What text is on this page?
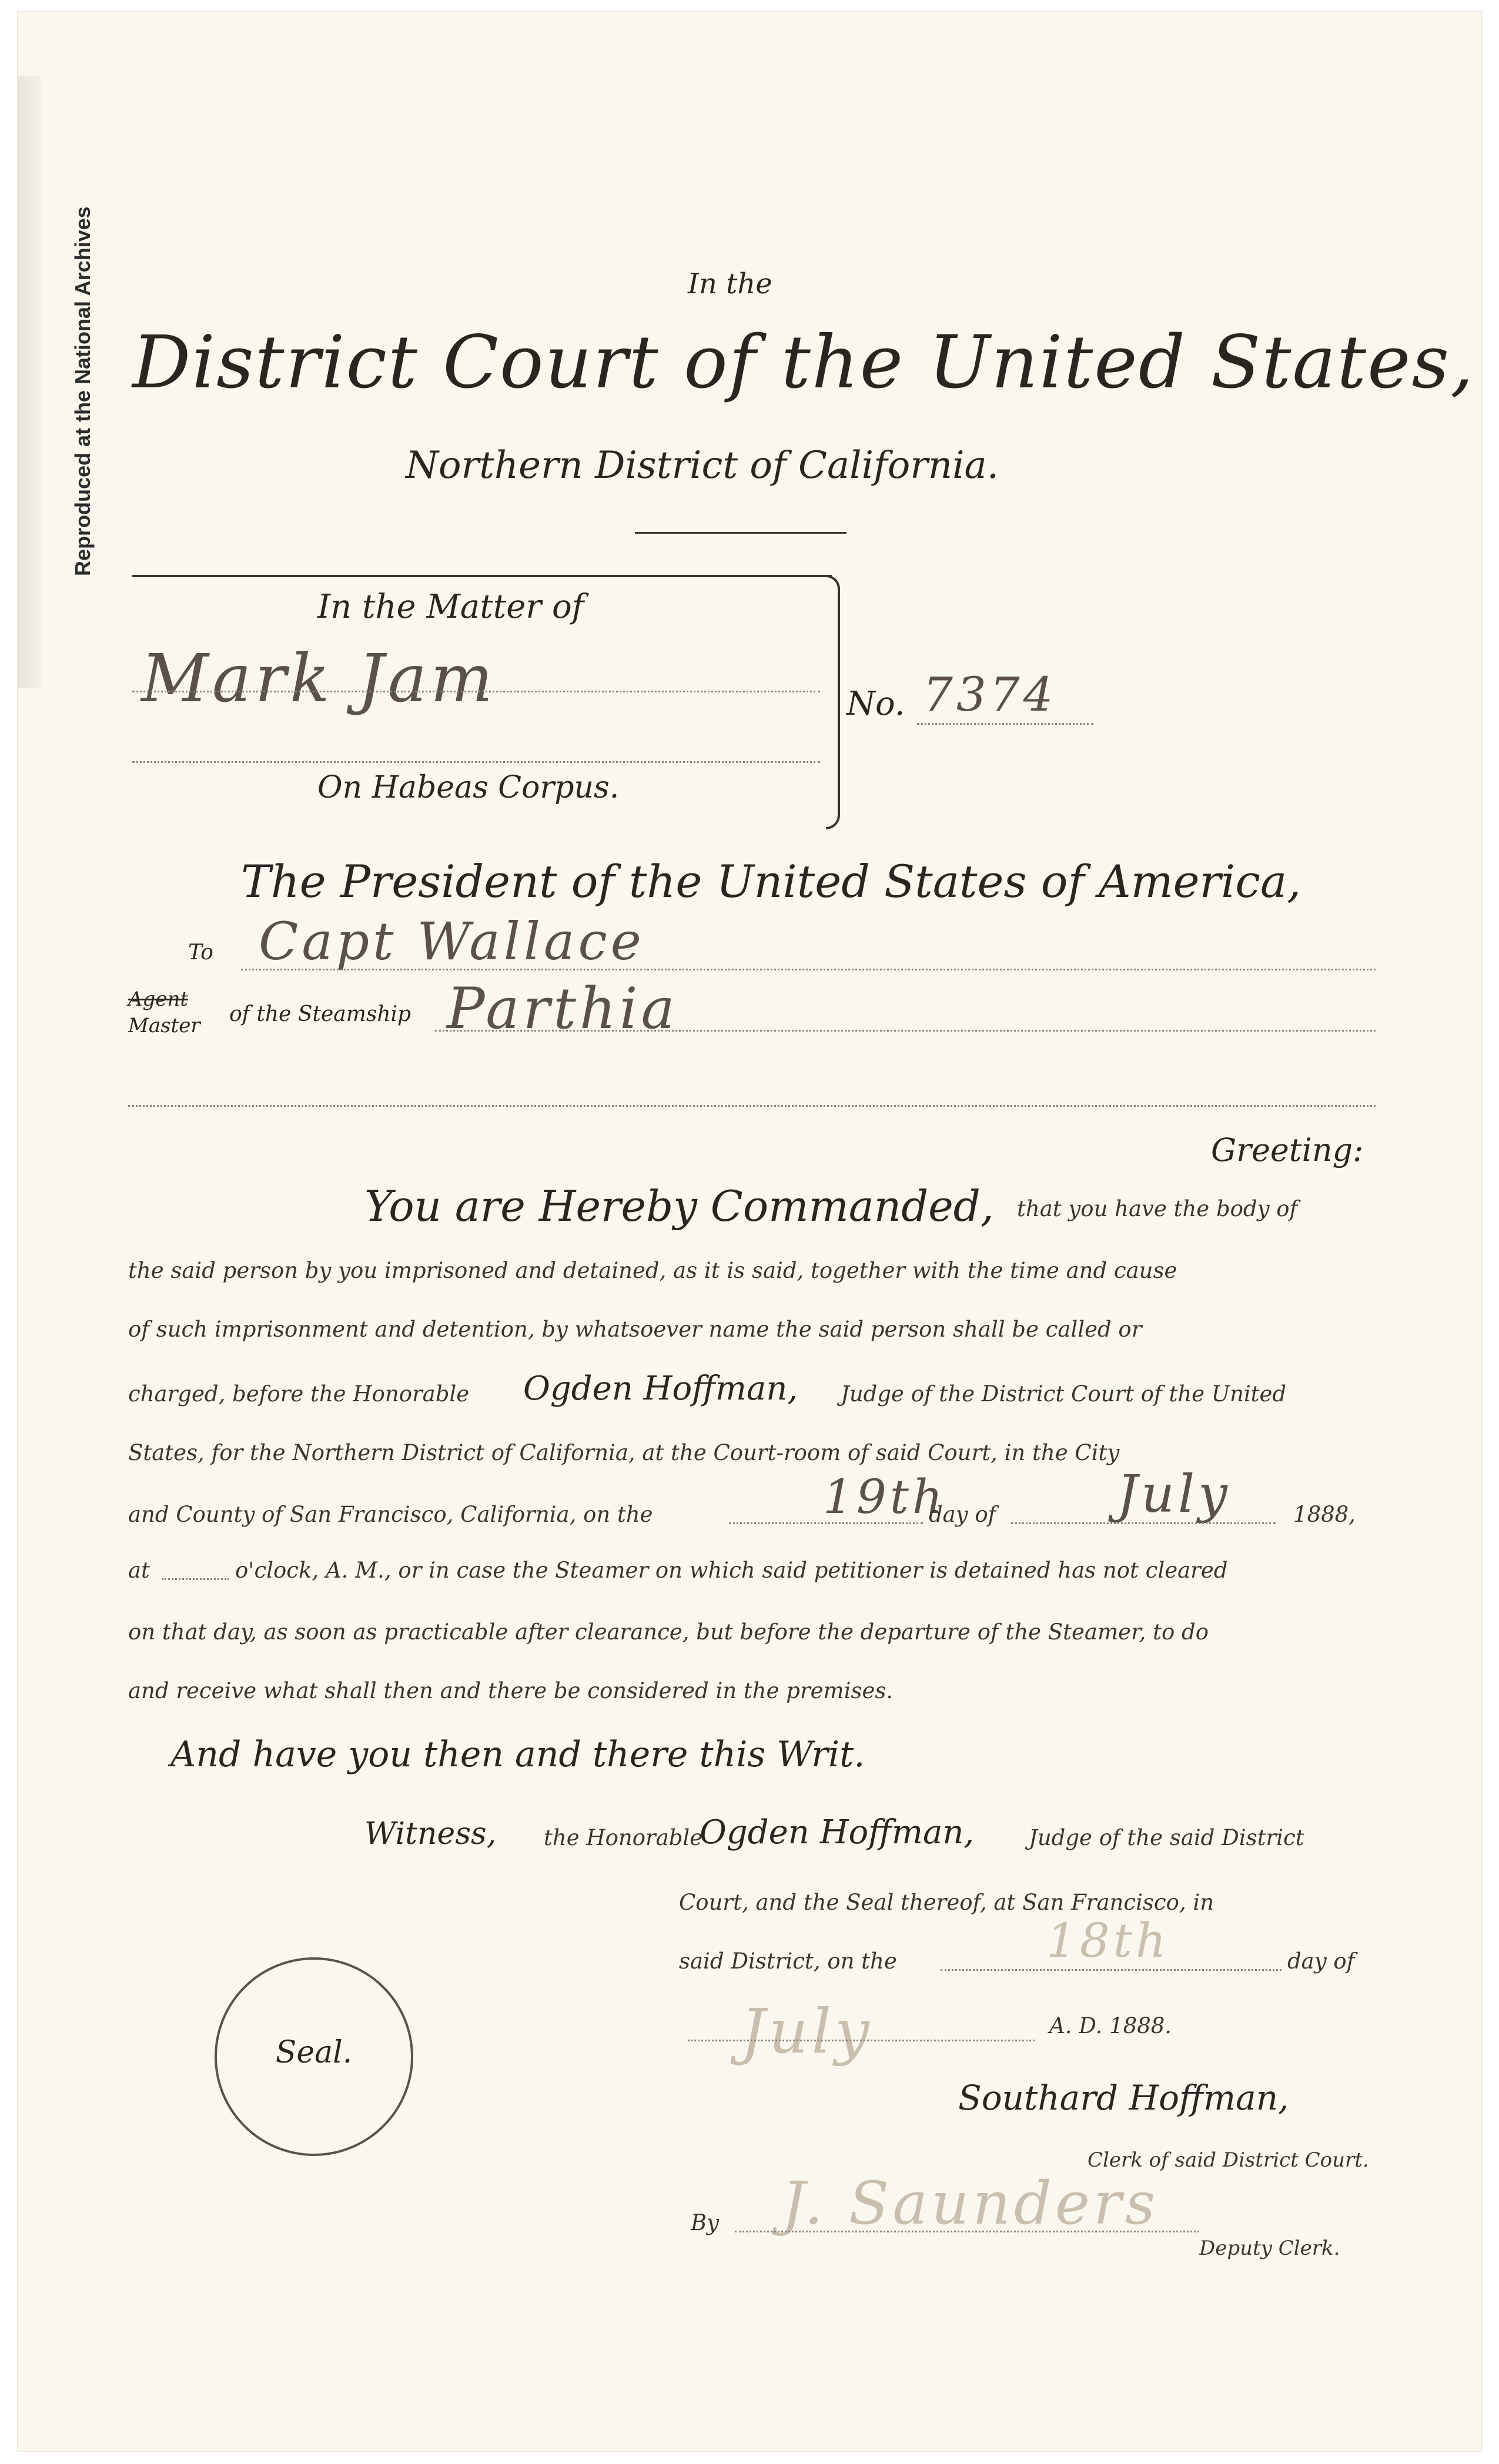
Reproduced at the National Archives	In the
District Court of the United States,
Northern District of California.
In the Matter of
Mark Jam
On Habeas Corpus.
No. 7374
The President of the United States of America,
To Capt Wallace
Agent
Master of the Steamship Parthia
Greeting:
You are Hereby Commanded, that you have the body of
the said person by you imprisoned and detained, as it is said, together with the time and cause
of such imprisonment and detention, by whatsoever name the said person shall be called or
charged, before the Honorable Ogden Hoffman, Judge of the District Court of the United
States, for the Northern District of California, at the Court-room of said Court, in the City
and County of San Francisco, California, on the	19th
day of July	1888,
at	o'clock, A. M., or in case the Steamer on which said petitioner is detained has not cleared
on that day, as soon as practicable after clearance, but before the departure of the Steamer, to do
and receive what shall then and there be considered in the premises.
And have you then and there this Writ.
Witness, the Honorable
Ogden Hoffman,	Judge of the said District
Court, and the Seal thereof, at San Francisco, in
said District, on the	18th	day of
July	A. D. 1888.
Seal.
Southard Hoffman,
Clerk of said District Court.
By J. Saunders
Deputy Clerk.
